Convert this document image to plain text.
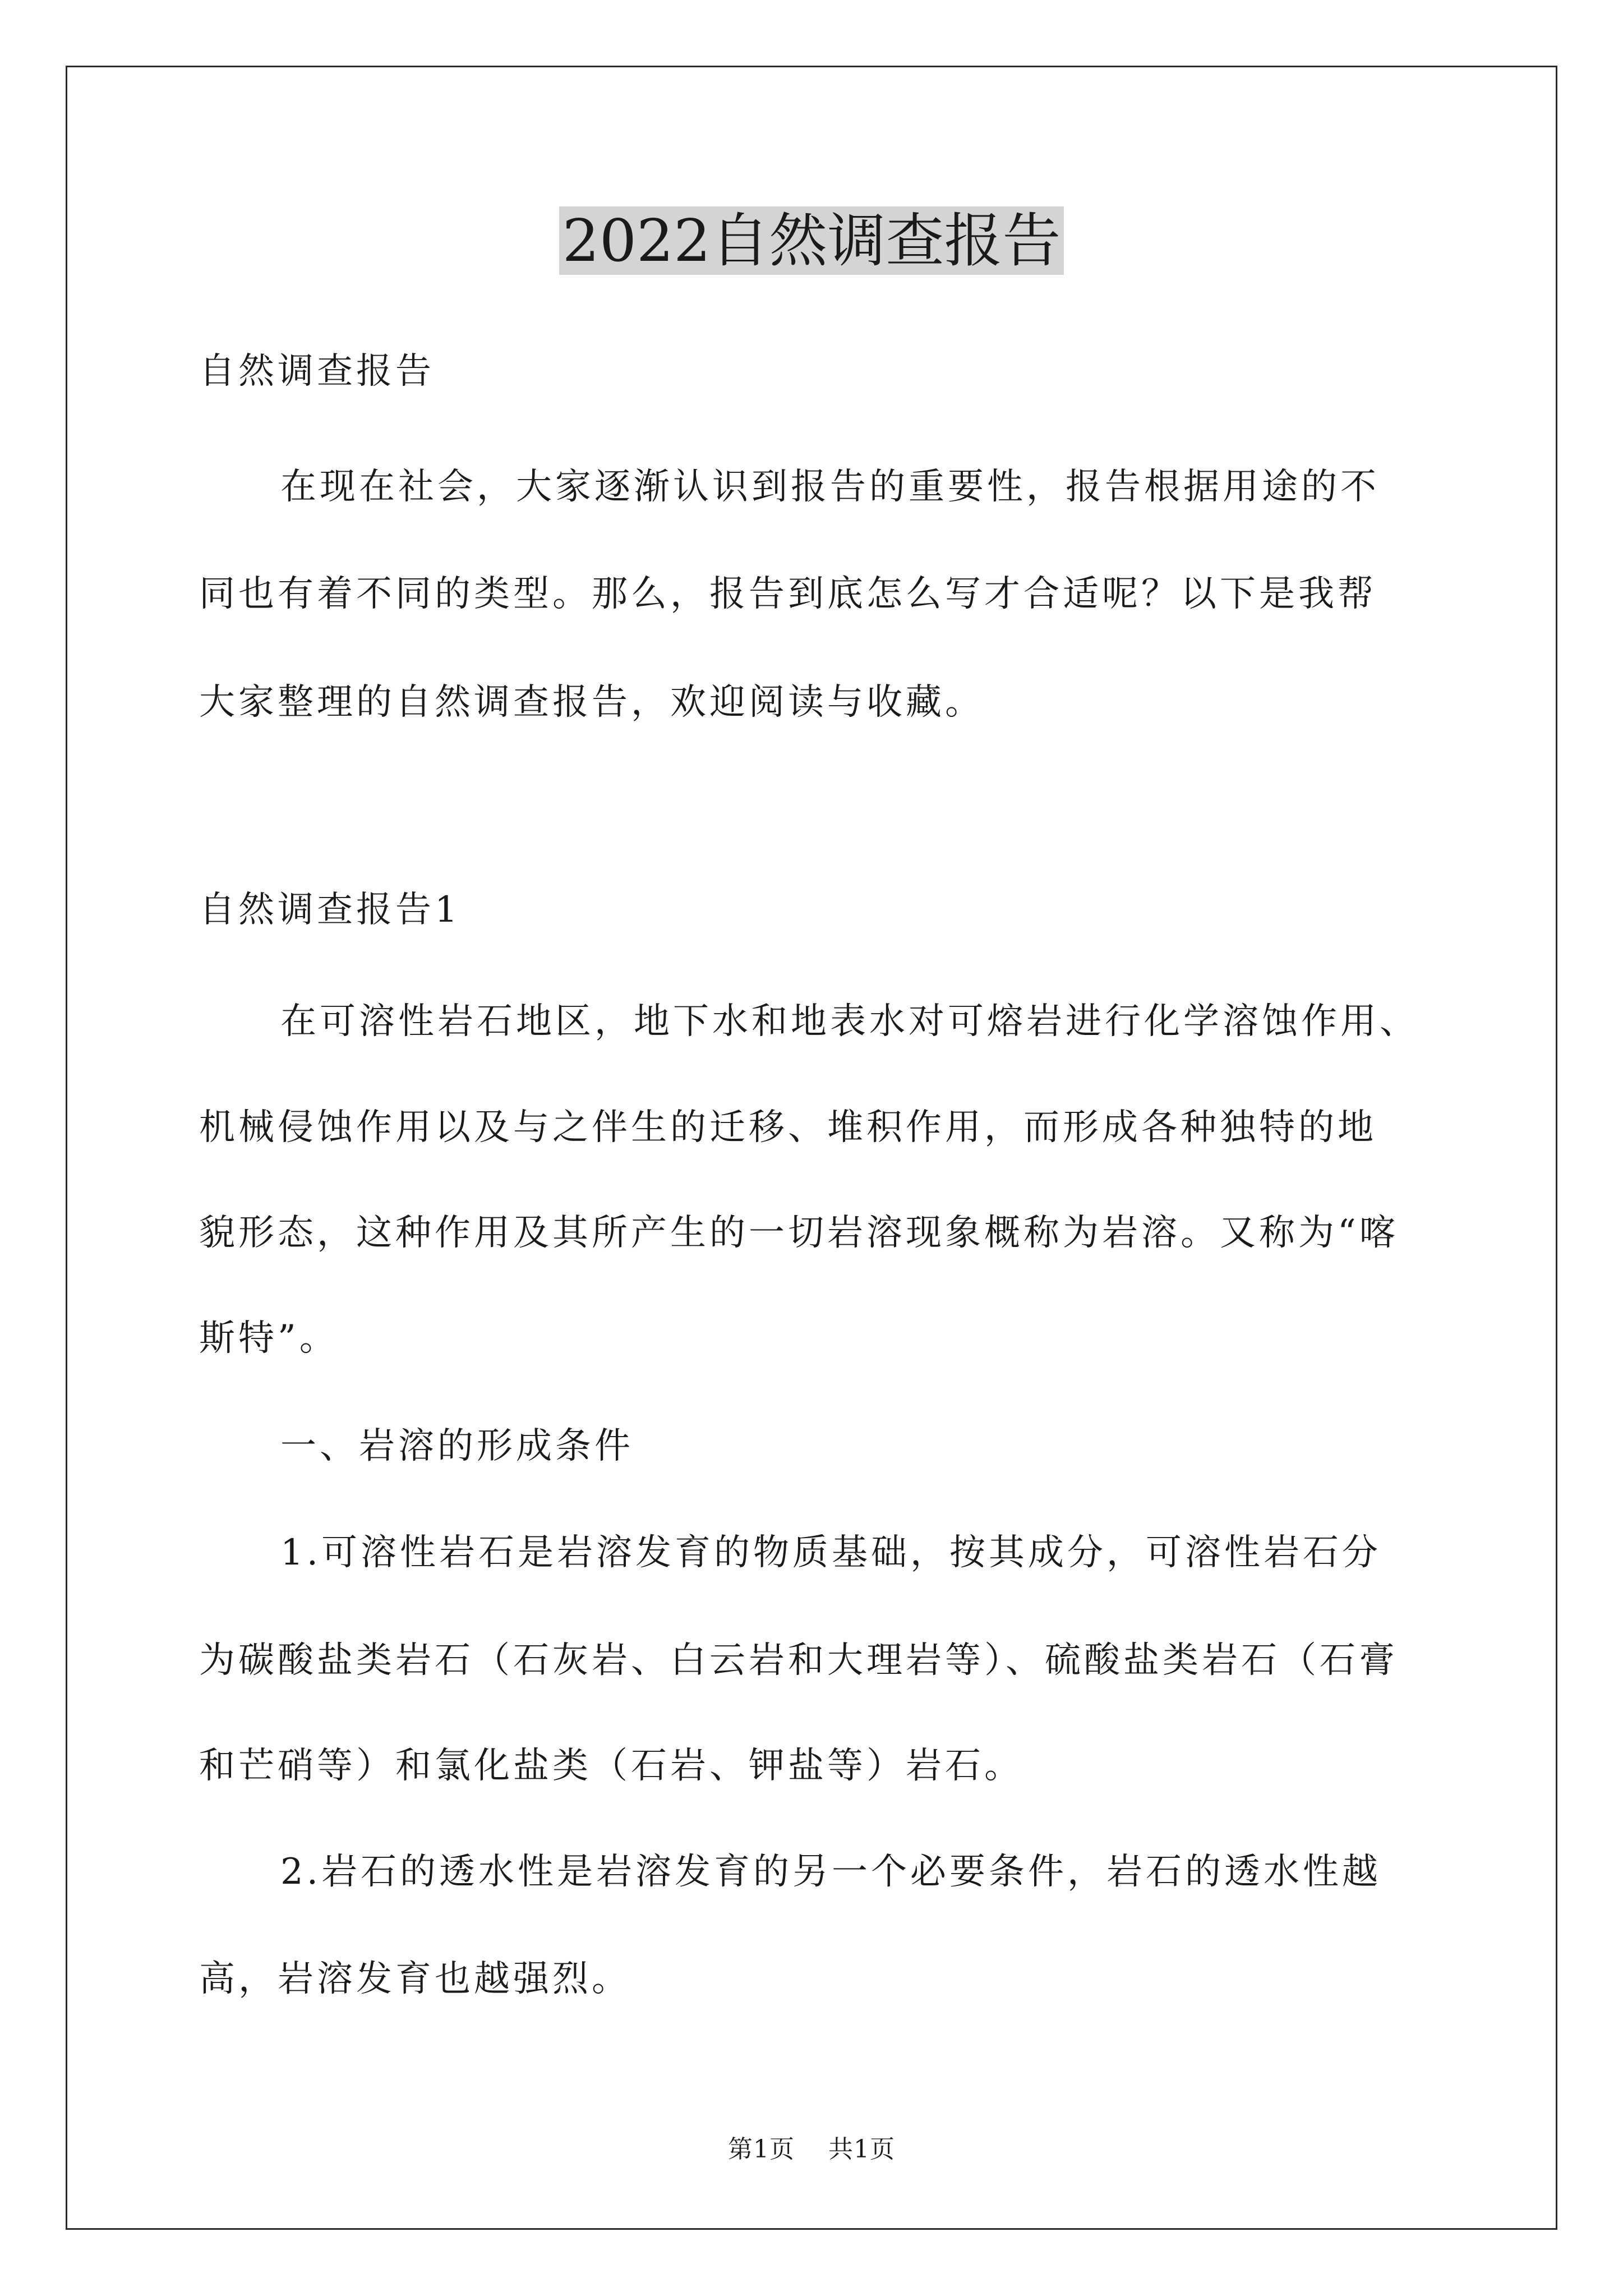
2022自然调查报告
自然调查报告
在现在社会，大家逐渐认识到报告的重要性，报告根据用途的不
同也有着不同的类型。那么，报告到底怎么写才合适呢？以下是我帮
大家整理的自然调查报告，欢迎阅读与收藏。
自然调查报告1
在可溶性岩石地区，地下水和地表水对可熔岩进行化学溶蚀作用、
机械侵蚀作用以及与之伴生的迁移、堆积作用，而形成各种独特的地
貌形态，这种作用及其所产生的一切岩溶现象概称为岩溶。又称为“喀
斯特”。
一、岩溶的形成条件
1.可溶性岩石是岩溶发育的物质基础，按其成分，可溶性岩石分
为碳酸盐类岩石（石灰岩、白云岩和大理岩等）、硫酸盐类岩石（石膏
和芒硝等）和氯化盐类（石岩、钾盐等）岩石。
2.岩石的透水性是岩溶发育的另一个必要条件，岩石的透水性越
高，岩溶发育也越强烈。
第1页 共1页
